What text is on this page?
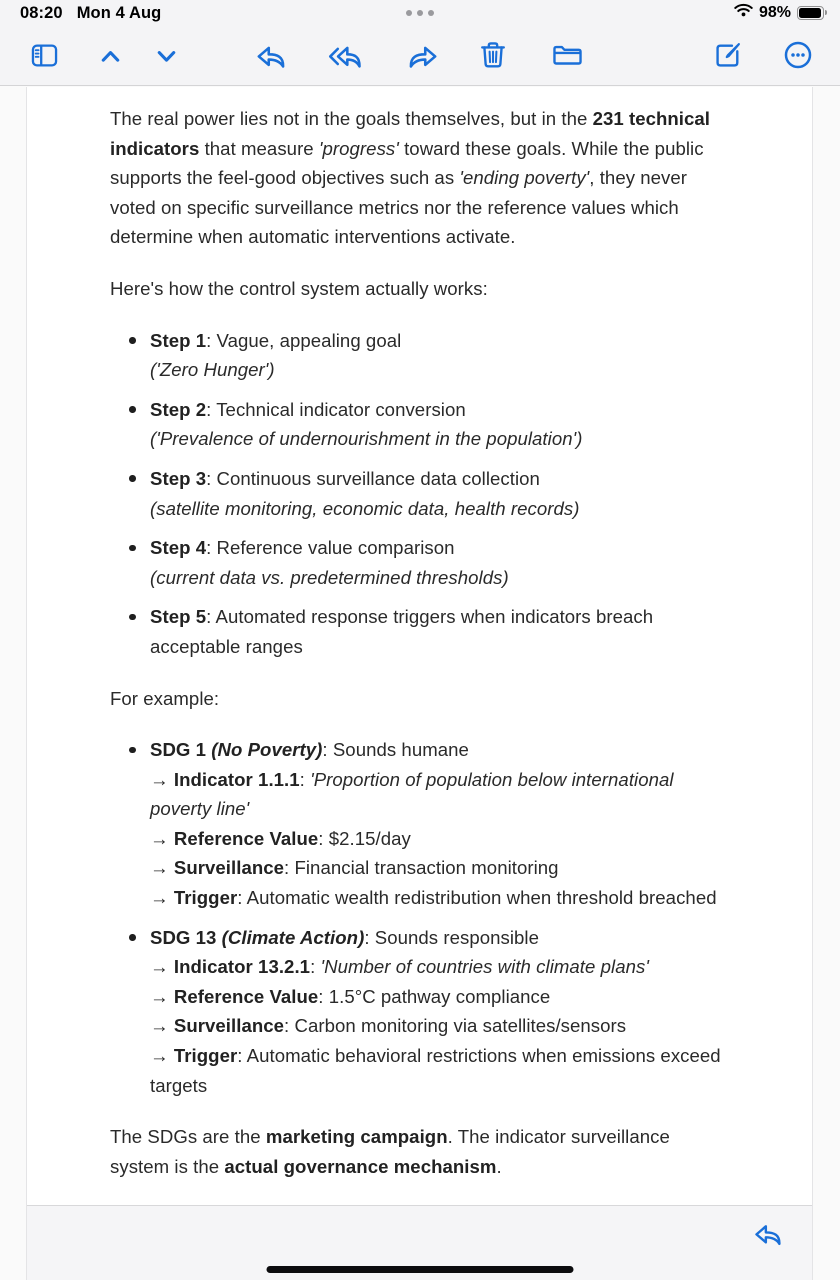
08:20 Mon 4 Aug	98%

The real power lies not in the goals themselves, but in the 231 technical indicators that measure 'progress' toward these goals. While the public supports the feel-good objectives such as 'ending poverty', they never voted on specific surveillance metrics nor the reference values which determine when automatic interventions activate.

Here's how the control system actually works:

Step 1: Vague, appealing goal
('Zero Hunger')
Step 2: Technical indicator conversion
('Prevalence of undernourishment in the population')
Step 3: Continuous surveillance data collection
(satellite monitoring, economic data, health records)
Step 4: Reference value comparison
(current data vs. predetermined thresholds)
Step 5: Automated response triggers when indicators breach acceptable ranges

For example:

SDG 1 (No Poverty): Sounds humane
→ Indicator 1.1.1: 'Proportion of population below international poverty line'
→ Reference Value: $2.15/day
→ Surveillance: Financial transaction monitoring
→ Trigger: Automatic wealth redistribution when threshold breached
SDG 13 (Climate Action): Sounds responsible
→ Indicator 13.2.1: 'Number of countries with climate plans'
→ Reference Value: 1.5°C pathway compliance
→ Surveillance: Carbon monitoring via satellites/sensors
→ Trigger: Automatic behavioral restrictions when emissions exceed targets

The SDGs are the marketing campaign. The indicator surveillance system is the actual governance mechanism.
